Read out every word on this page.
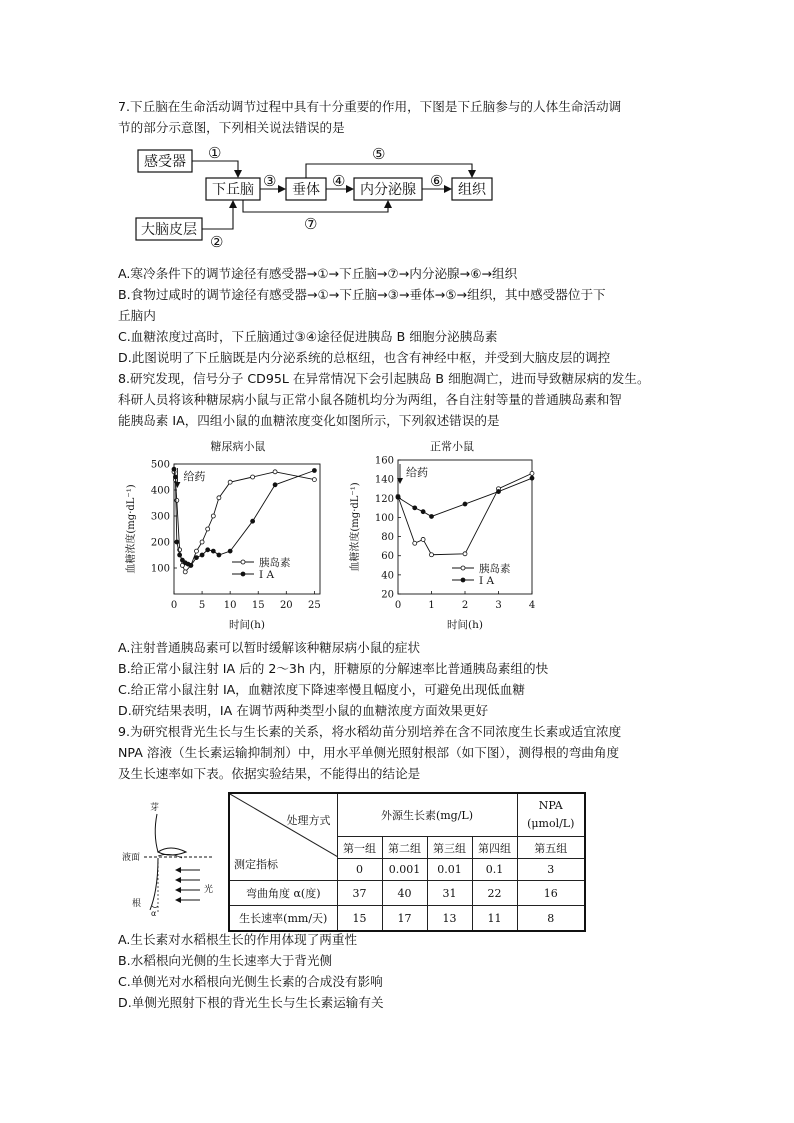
7.下丘脑在生命活动调节过程中具有十分重要的作用，下图是下丘脑参与的人体生命活动调
节的部分示意图，下列相关说法错误的是
感受器
下丘脑	垂体	内分泌腺	组织
大脑皮层
①
②
③	④
⑤
⑥
⑦
A.寒冷条件下的调节途径有感受器→①→下丘脑→⑦→内分泌腺→⑥→组织
B.食物过咸时的调节途径有感受器→①→下丘脑→③→垂体→⑤→组织，其中感受器位于下
丘脑内
C.血糖浓度过高时，下丘脑通过③④途径促进胰岛 B 细胞分泌胰岛素
D.此图说明了下丘脑既是内分泌系统的总枢纽，也含有神经中枢，并受到大脑皮层的调控
8.研究发现，信号分子 CD95L 在异常情况下会引起胰岛 B 细胞凋亡，进而导致糖尿病的发生。
科研人员将该种糖尿病小鼠与正常小鼠各随机均分为两组，各自注射等量的普通胰岛素和智
能胰岛素 IA，四组小鼠的血糖浓度变化如图所示，下列叙述错误的是
糖尿病小鼠
血糖浓度(mg·dL⁻¹)
时间(h)
0 5 10 15 20 25
100
200
300
400
500
给药
胰岛素
I A
正常小鼠
血糖浓度(mg·dL⁻¹)
时间(h)
0	1	2	3	4
20
40
60
80
100
120
140
160
给药
胰岛素
I A
A.注射普通胰岛素可以暂时缓解该种糖尿病小鼠的症状
B.给正常小鼠注射 IA 后的 2～3h 内，肝糖原的分解速率比普通胰岛素组的快
C.给正常小鼠注射 IA，血糖浓度下降速率慢且幅度小，可避免出现低血糖
D.研究结果表明，IA 在调节两种类型小鼠的血糖浓度方面效果更好
9.为研究根背光生长与生长素的关系，将水稻幼苗分别培养在含不同浓度生长素或适宜浓度
NPA 溶液（生长素运输抑制剂）中，用水平单侧光照射根部（如下图），测得根的弯曲角度
及生长速率如下表。依据实验结果，不能得出的结论是
芽
液面
根
光
α
处理方式
测定指标	外源生长素(mg/L)				NPA
(μmol/L)
	第一组	第二组	第三组	第四组	第五组
	0	0.001	0.01	0.1	3
弯曲角度 α(度)	37	40	31	22	16
生长速率(mm/天)	15	17	13	11	8
A.生长素对水稻根生长的作用体现了两重性
B.水稻根向光侧的生长速率大于背光侧
C.单侧光对水稻根向光侧生长素的合成没有影响
D.单侧光照射下根的背光生长与生长素运输有关
